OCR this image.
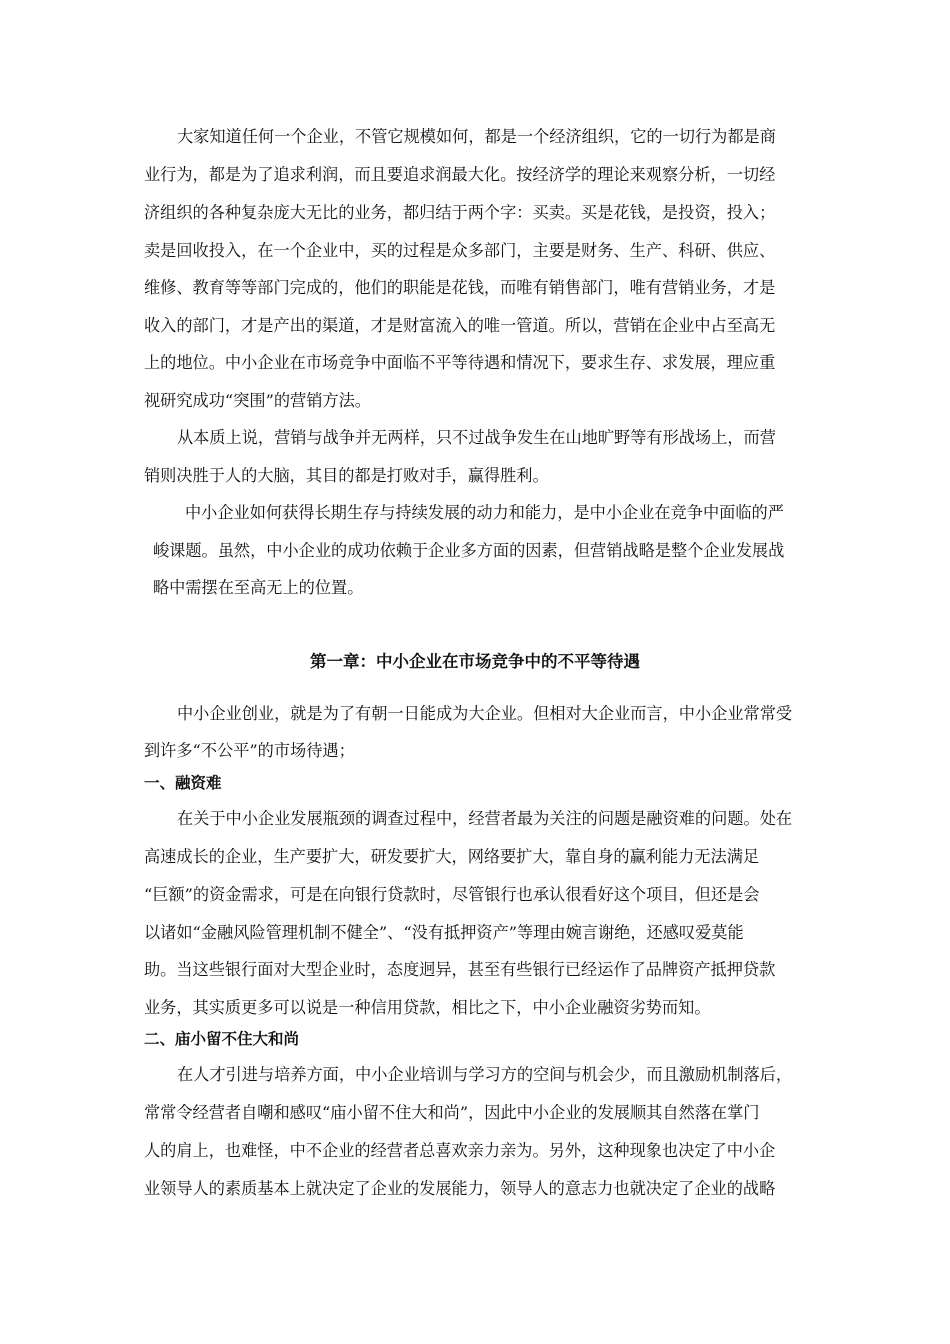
大家知道任何一个企业，不管它规模如何，都是一个经济组织，它的一切行为都是商
业行为，都是为了追求利润，而且要追求润最大化。按经济学的理论来观察分析，一切经
济组织的各种复杂庞大无比的业务，都归结于两个字：买卖。买是花钱，是投资，投入；
卖是回收投入，在一个企业中，买的过程是众多部门，主要是财务、生产、科研、供应、
维修、教育等等部门完成的，他们的职能是花钱，而唯有销售部门，唯有营销业务，才是
收入的部门，才是产出的渠道，才是财富流入的唯一管道。所以，营销在企业中占至高无
上的地位。中小企业在市场竞争中面临不平等待遇和情况下，要求生存、求发展，理应重
视研究成功“突围”的营销方法。
从本质上说，营销与战争并无两样，只不过战争发生在山地旷野等有形战场上，而营
销则决胜于人的大脑，其目的都是打败对手，赢得胜利。
中小企业如何获得长期生存与持续发展的动力和能力，是中小企业在竞争中面临的严
峻课题。虽然，中小企业的成功依赖于企业多方面的因素，但营销战略是整个企业发展战
略中需摆在至高无上的位置。
第一章：中小企业在市场竞争中的不平等待遇
中小企业创业，就是为了有朝一日能成为大企业。但相对大企业而言，中小企业常常受
到许多“不公平”的市场待遇；
一、融资难
在关于中小企业发展瓶颈的调查过程中，经营者最为关注的问题是融资难的问题。处在
高速成长的企业，生产要扩大，研发要扩大，网络要扩大，靠自身的赢利能力无法满足
“巨额”的资金需求，可是在向银行贷款时，尽管银行也承认很看好这个项目，但还是会
以诸如“金融风险管理机制不健全”、“没有抵押资产”等理由婉言谢绝，还感叹爱莫能
助。当这些银行面对大型企业时，态度迥异，甚至有些银行已经运作了品牌资产抵押贷款
业务，其实质更多可以说是一种信用贷款，相比之下，中小企业融资劣势而知。
二、庙小留不住大和尚
在人才引进与培养方面，中小企业培训与学习方的空间与机会少，而且激励机制落后，
常常令经营者自嘲和感叹“庙小留不住大和尚”，因此中小企业的发展顺其自然落在掌门
人的肩上，也难怪，中不企业的经营者总喜欢亲力亲为。另外，这种现象也决定了中小企
业领导人的素质基本上就决定了企业的发展能力，领导人的意志力也就决定了企业的战略
